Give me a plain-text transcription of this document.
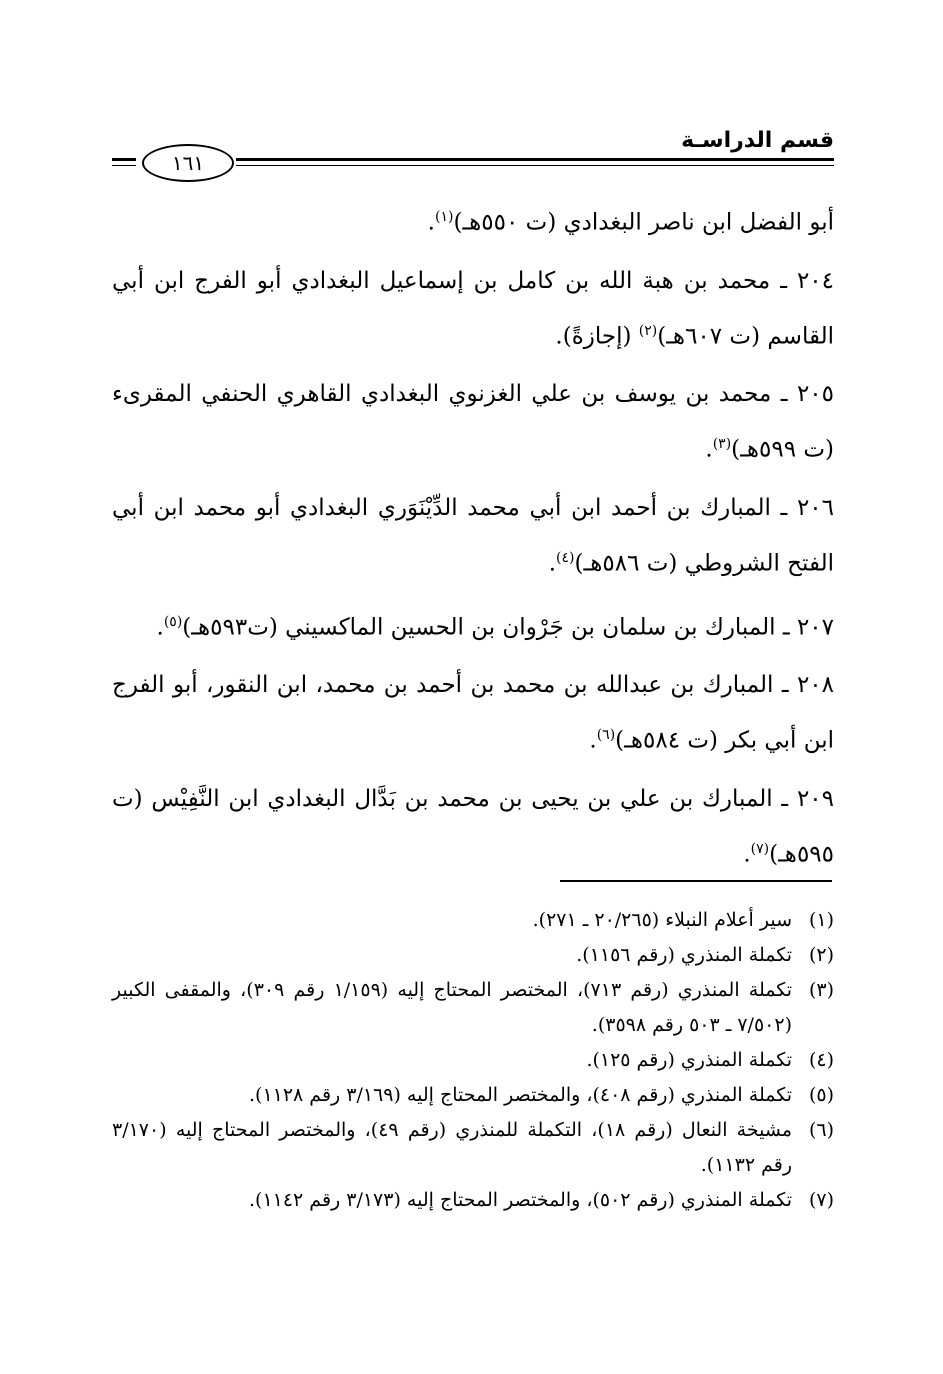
قسم الدراسـة
١٦١

أبو الفضل ابن ناصر البغدادي (ت ٥٥٠هـ)$^{(١)}$.

٢٠٤ ـ محمد بن هبة الله بن كامل بن إسماعيل البغدادي أبو الفرج ابن أبي القاسم (ت ٦٠٧هـ)$^{(٢)}$ (إجازةً).

٢٠٥ ـ محمد بن يوسف بن علي الغزنوي البغدادي القاهري الحنفي المقرىء (ت ٥٩٩هـ)$^{(٣)}$.

٢٠٦ ـ المبارك بن أحمد ابن أبي محمد الدِّيْنَوَري البغدادي أبو محمد ابن أبي الفتح الشروطي (ت ٥٨٦هـ)$^{(٤)}$.

٢٠٧ ـ المبارك بن سلمان بن جَرْوان بن الحسين الماكسيني (ت٥٩٣هـ)$^{(٥)}$.

٢٠٨ ـ المبارك بن عبدالله بن محمد بن أحمد بن محمد، ابن النقور، أبو الفرج ابن أبي بكر (ت ٥٨٤هـ)$^{(٦)}$.

٢٠٩ ـ المبارك بن علي بن يحيى بن محمد بن بَدَّال البغدادي ابن النَّفِيْس (ت ٥٩٥هـ)$^{(٧)}$.

(١)
سير أعلام النبلاء (٢٠/٢٦٥ ـ ٢٧١).
(٢)
تكملة المنذري (رقم ١١٥٦).
(٣)
تكملة المنذري (رقم ٧١٣)، المختصر المحتاج إليه (١/١٥٩ رقم ٣٠٩)، والمقفى الكبير (٧/٥٠٢ ـ ٥٠٣ رقم ٣٥٩٨).
(٤)
تكملة المنذري (رقم ١٢٥).
(٥)
تكملة المنذري (رقم ٤٠٨)، والمختصر المحتاج إليه (٣/١٦٩ رقم ١١٢٨).
(٦)
مشيخة النعال (رقم ١٨)، التكملة للمنذري (رقم ٤٩)، والمختصر المحتاج إليه (٣/١٧٠ رقم ١١٣٢).
(٧)
تكملة المنذري (رقم ٥٠٢)، والمختصر المحتاج إليه (٣/١٧٣ رقم ١١٤٢).
